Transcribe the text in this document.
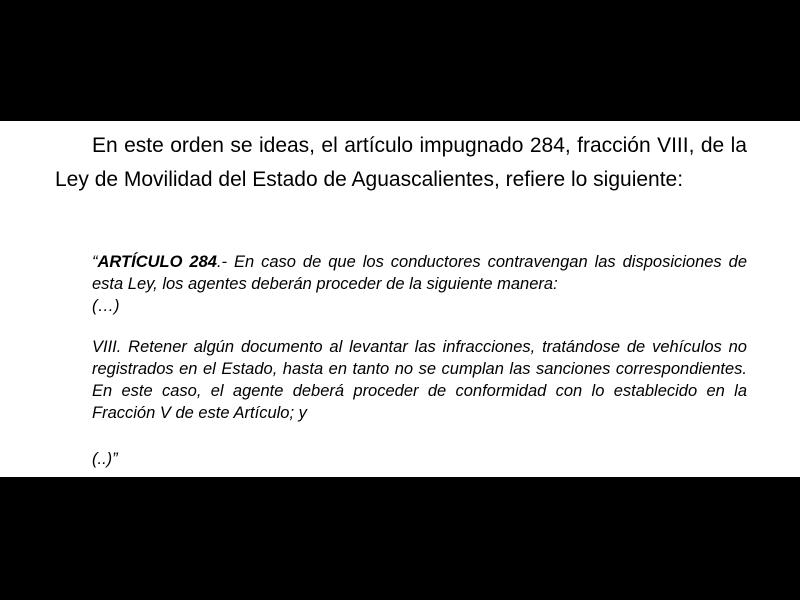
En este orden se ideas, el artículo impugnado 284, fracción VIII, de la Ley de Movilidad del Estado de Aguascalientes, refiere lo siguiente:

“ARTÍCULO 284.- En caso de que los conductores contravengan las disposiciones de esta Ley, los agentes deberán proceder de la siguiente manera:
(…)

VIII. Retener algún documento al levantar las infracciones, tratándose de vehículos no registrados en el Estado, hasta en tanto no se cumplan las sanciones correspondientes. En este caso, el agente deberá proceder de conformidad con lo establecido en la Fracción V de este Artículo; y

(..)”
